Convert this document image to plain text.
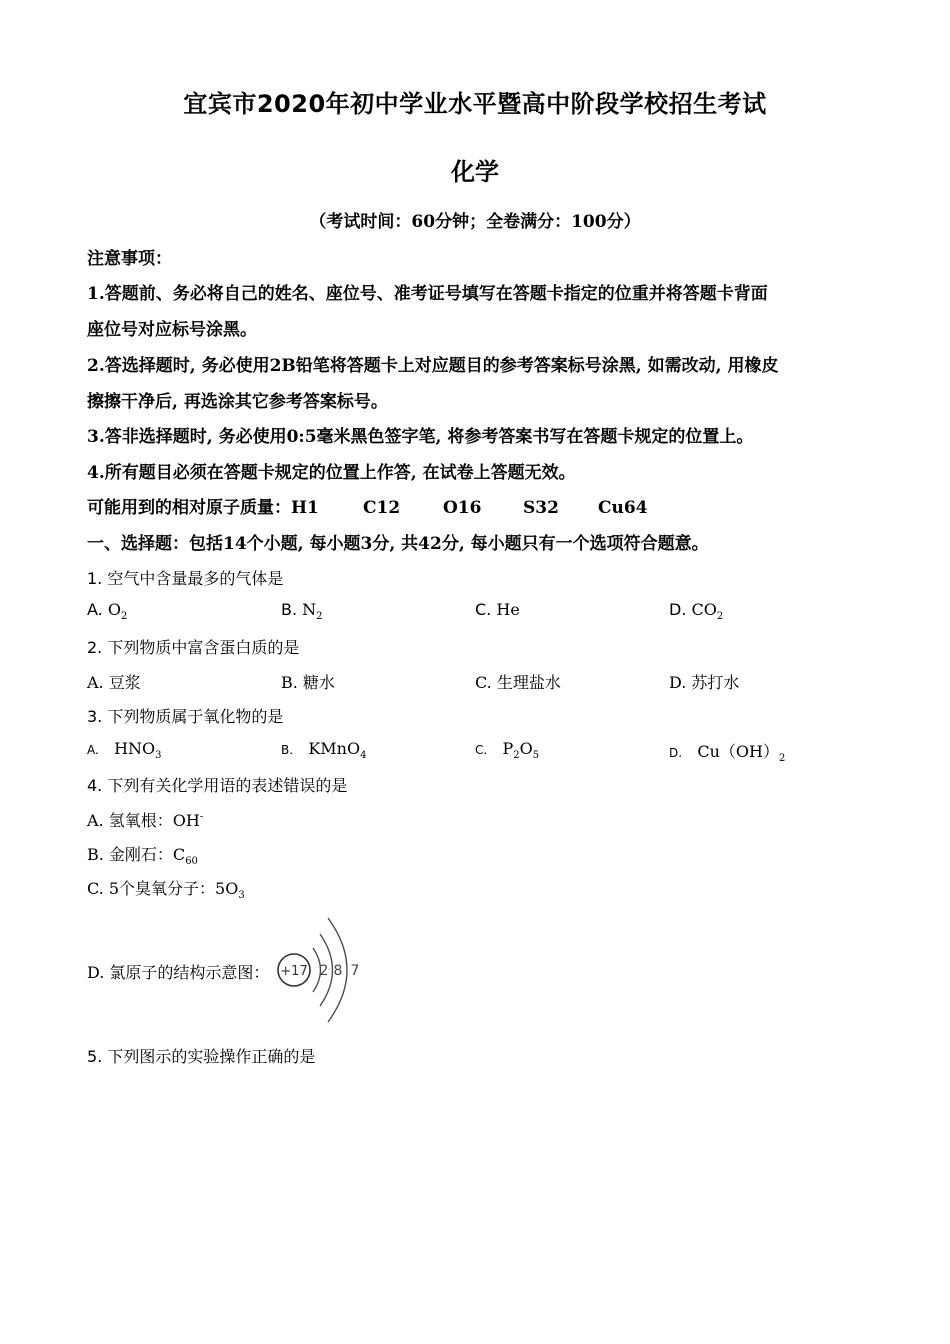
宜宾市2020年初中学业水平暨高中阶段学校招生考试
化学
（考试时间：60分钟；全卷满分：100分）
注意事项：
1.答题前、务必将自己的姓名、座位号、准考证号填写在答题卡指定的位重并将答题卡背面
座位号对应标号涂黑。
2.答选择题时, 务必使用2B铅笔将答题卡上对应题目的参考答案标号涂黑, 如需改动, 用橡皮
擦擦干净后, 再选涂其它参考答案标号。
3.答非选择题时, 务必使用0:5毫米黑色签字笔, 将参考答案书写在答题卡规定的位置上。
4.所有题目必须在答题卡规定的位置上作答, 在试卷上答题无效。
可能用到的相对原子质量：H1	C12	O16 S32 Cu64
一、选择题：包括14个小题, 每小题3分, 共42分, 每小题只有一个选项符合题意。
1. 空气中含量最多的气体是
A. $O_2$	B. $N_2$	C. He	D. $CO_2$
2. 下列物质中富含蛋白质的是
A. 豆浆	B. 糖水	C. 生理盐水	D. 苏打水
3. 下列物质属于氧化物的是
A. $HNO_3$	B. KMnO$_4$	C. $P_2O_5$	D. $Cu(OH)_2$
4. 下列有关化学用语的表述错误的是
A. 氢氧根：OH-
B. 金刚石：$C_{60}$
C. 5个臭氧分子：$5O_3$
D. 氯原子的结构示意图： +17 2 8 7
5. 下列图示的实验操作正确的是
